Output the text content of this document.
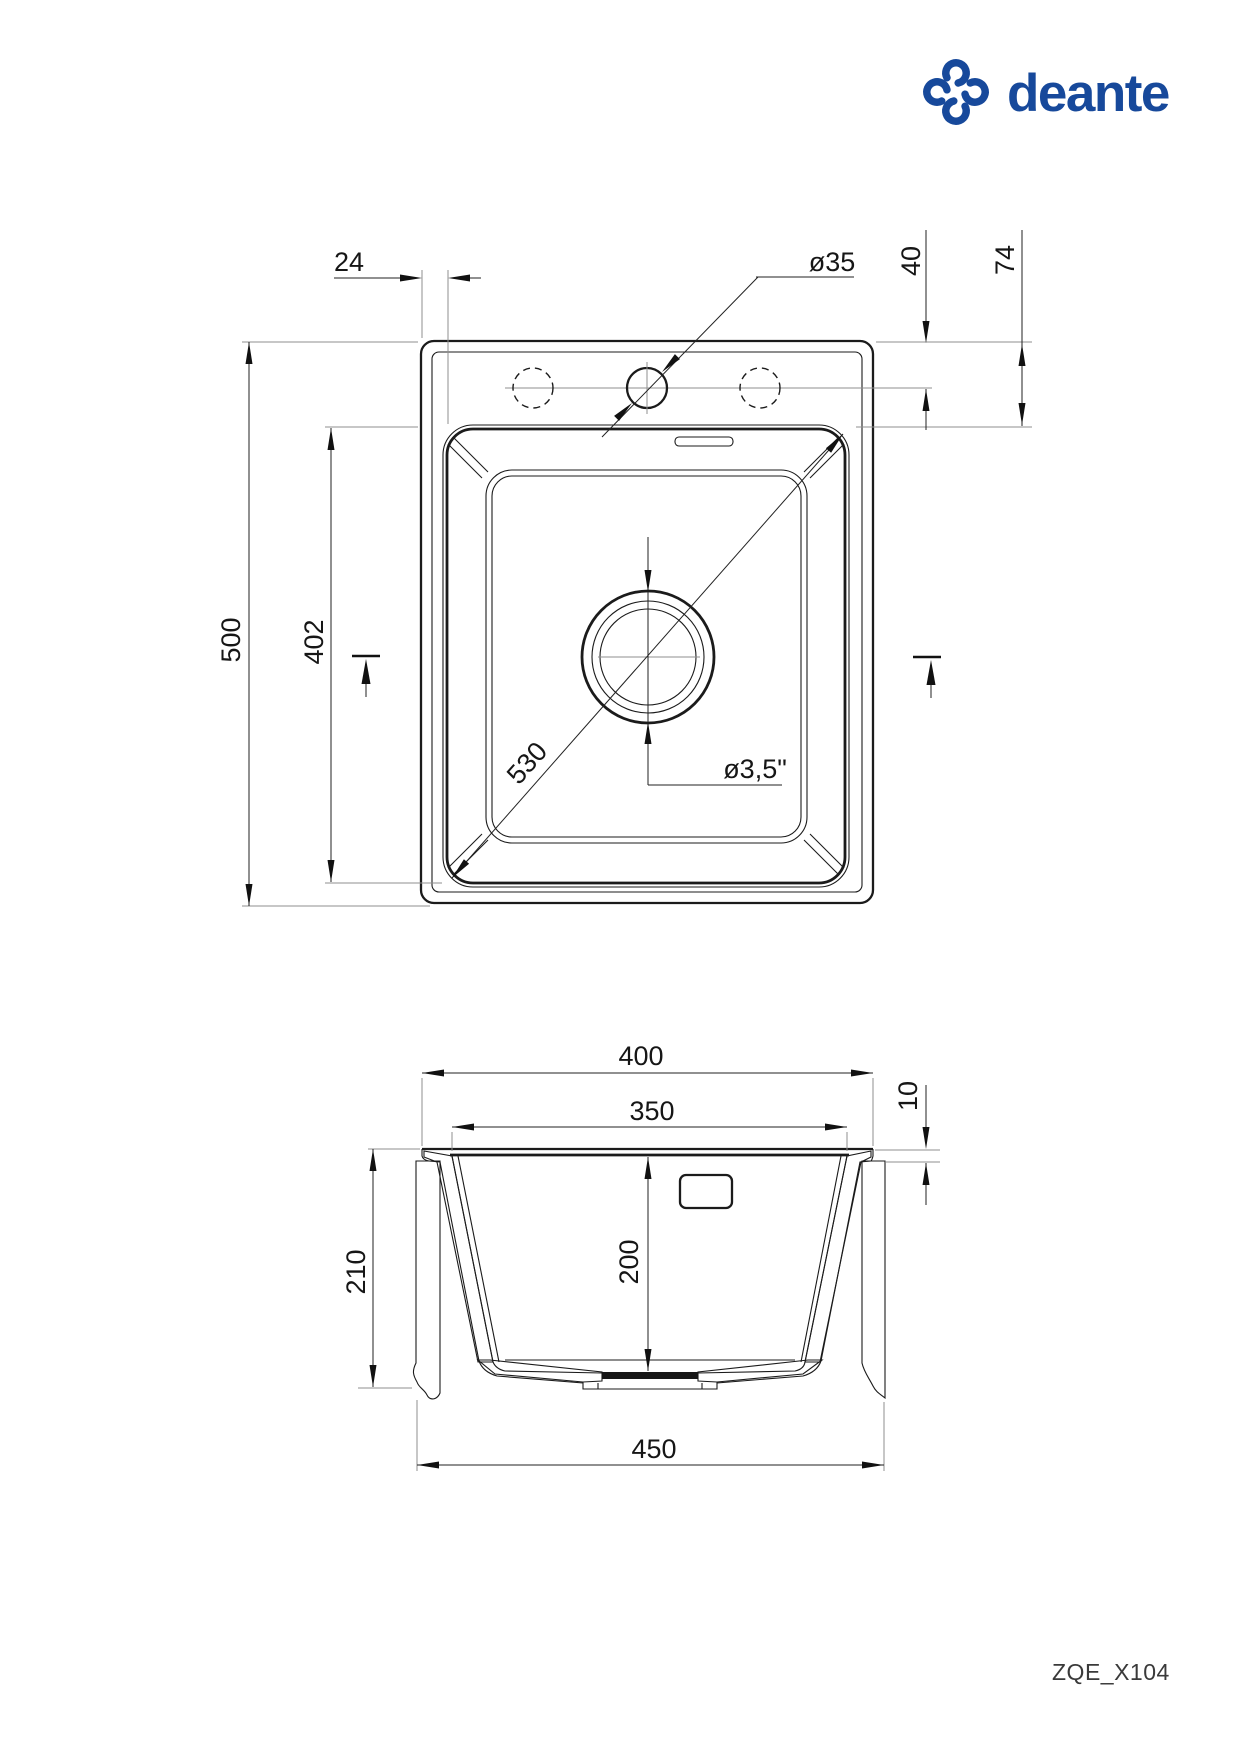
deante
ø3,5"
24
500 402
40 74
ø35
530
400
350	10
210	200
450
ZQE_X104
